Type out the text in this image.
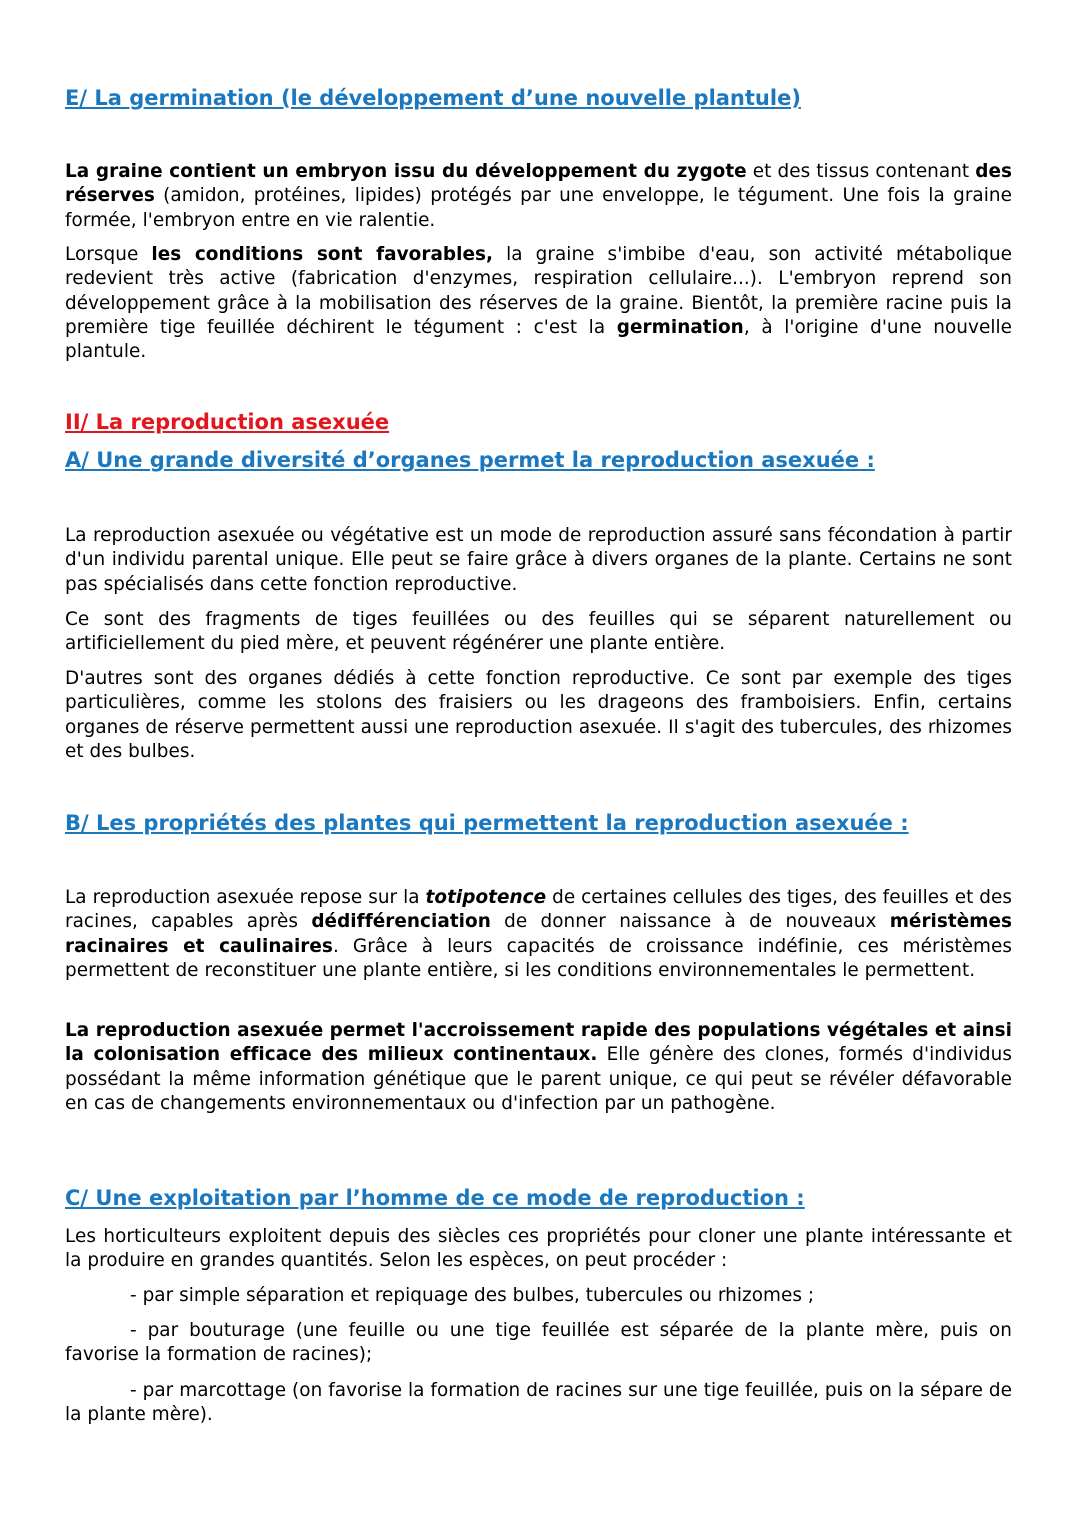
E/ La germination (le développement d’une nouvelle plantule)
La graine contient un embryon issu du développement du zygote et des tissus contenant des réserves (amidon, protéines, lipides) protégés par une enveloppe, le tégument. Une fois la graine formée, l'embryon entre en vie ralentie.
Lorsque les conditions sont favorables, la graine s'imbibe d'eau, son activité métabolique redevient très active (fabrication d'enzymes, respiration cellulaire...). L'embryon reprend son développement grâce à la mobilisation des réserves de la graine. Bientôt, la première racine puis la première tige feuillée déchirent le tégument : c'est la germination, à l'origine d'une nouvelle plantule.
II/ La reproduction asexuée
A/ Une grande diversité d’organes permet la reproduction asexuée :
La reproduction asexuée ou végétative est un mode de reproduction assuré sans fécondation à partir d'un individu parental unique. Elle peut se faire grâce à divers organes de la plante. Certains ne sont pas spécialisés dans cette fonction reproductive.
Ce sont des fragments de tiges feuillées ou des feuilles qui se séparent naturellement ou artificiellement du pied mère, et peuvent régénérer une plante entière.
D'autres sont des organes dédiés à cette fonction reproductive. Ce sont par exemple des tiges particulières, comme les stolons des fraisiers ou les drageons des framboisiers. Enfin, certains organes de réserve permettent aussi une reproduction asexuée. Il s'agit des tubercules, des rhizomes et des bulbes.
B/ Les propriétés des plantes qui permettent la reproduction asexuée :
La reproduction asexuée repose sur la totipotence de certaines cellules des tiges, des feuilles et des racines, capables après dédifférenciation de donner naissance à de nouveaux méristèmes racinaires et caulinaires. Grâce à leurs capacités de croissance indéfinie, ces méristèmes permettent de reconstituer une plante entière, si les conditions environnementales le permettent.
La reproduction asexuée permet l'accroissement rapide des populations végétales et ainsi la colonisation efficace des milieux continentaux. Elle génère des clones, formés d'individus possédant la même information génétique que le parent unique, ce qui peut se révéler défavorable en cas de changements environnementaux ou d'infection par un pathogène.
C/ Une exploitation par l’homme de ce mode de reproduction :
Les horticulteurs exploitent depuis des siècles ces propriétés pour cloner une plante intéressante et la produire en grandes quantités. Selon les espèces, on peut procéder :
- par simple séparation et repiquage des bulbes, tubercules ou rhizomes ;
- par bouturage (une feuille ou une tige feuillée est séparée de la plante mère, puis on favorise la formation de racines);
- par marcottage (on favorise la formation de racines sur une tige feuillée, puis on la sépare de la plante mère).
